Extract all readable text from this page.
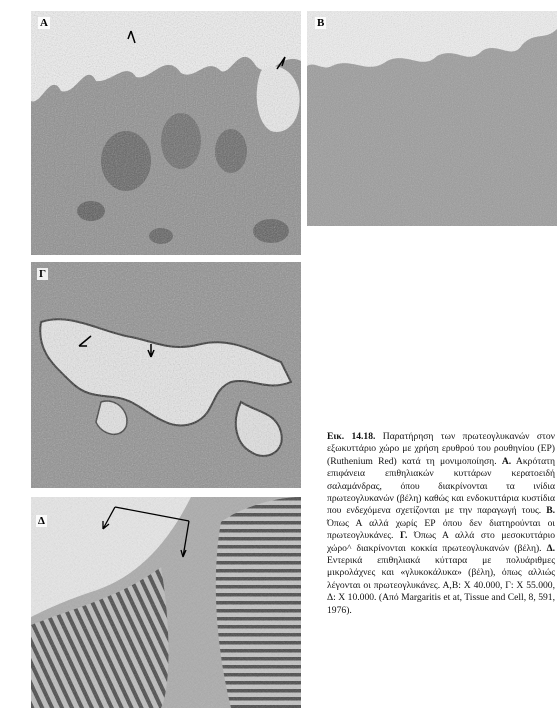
A	B
Γ
Δ
Εικ. 14.18. Παρατήρηση των πρωτεογλυκανών στον εξωκυττάριο χώρο με χρήση ερυθρού του ρουθηνίου (ΕΡ) (Ruthenium Red) κατά τη μονιμοποίηση. Α. Ακρότατη επιφάνεια επιθηλιακών κυττάρων κερατοειδή σαλαμάνδρας, όπου διακρίνονται τα ινίδια πρωτεογλυκανών (βέλη) καθώς και ενδοκυττάρια κυστίδια που ενδεχόμενα σχετίζονται με την παραγωγή τους. Β. Όπως Α αλλά χωρίς ΕΡ όπου δεν διατηρούνται οι πρωτεογλυκάνες. Γ. Όπως Α αλλά στο μεσοκυττάριο χώρο^ διακρίνονται κοκκία πρωτεογλυκανών (βέλη). Δ. Εντερικά επιθηλιακά κύτταρα με πολυάριθμες μικρολάχνες και «γλυκοκάλυκα» (βέλη), όπως αλλιώς λέγονται οι πρωτεογλυκάνες. Α,Β: Χ 40.000, Γ: Χ 55.000, Δ: Χ 10.000. (Από Margaritis et at, Tissue and Cell, 8, 591, 1976).
